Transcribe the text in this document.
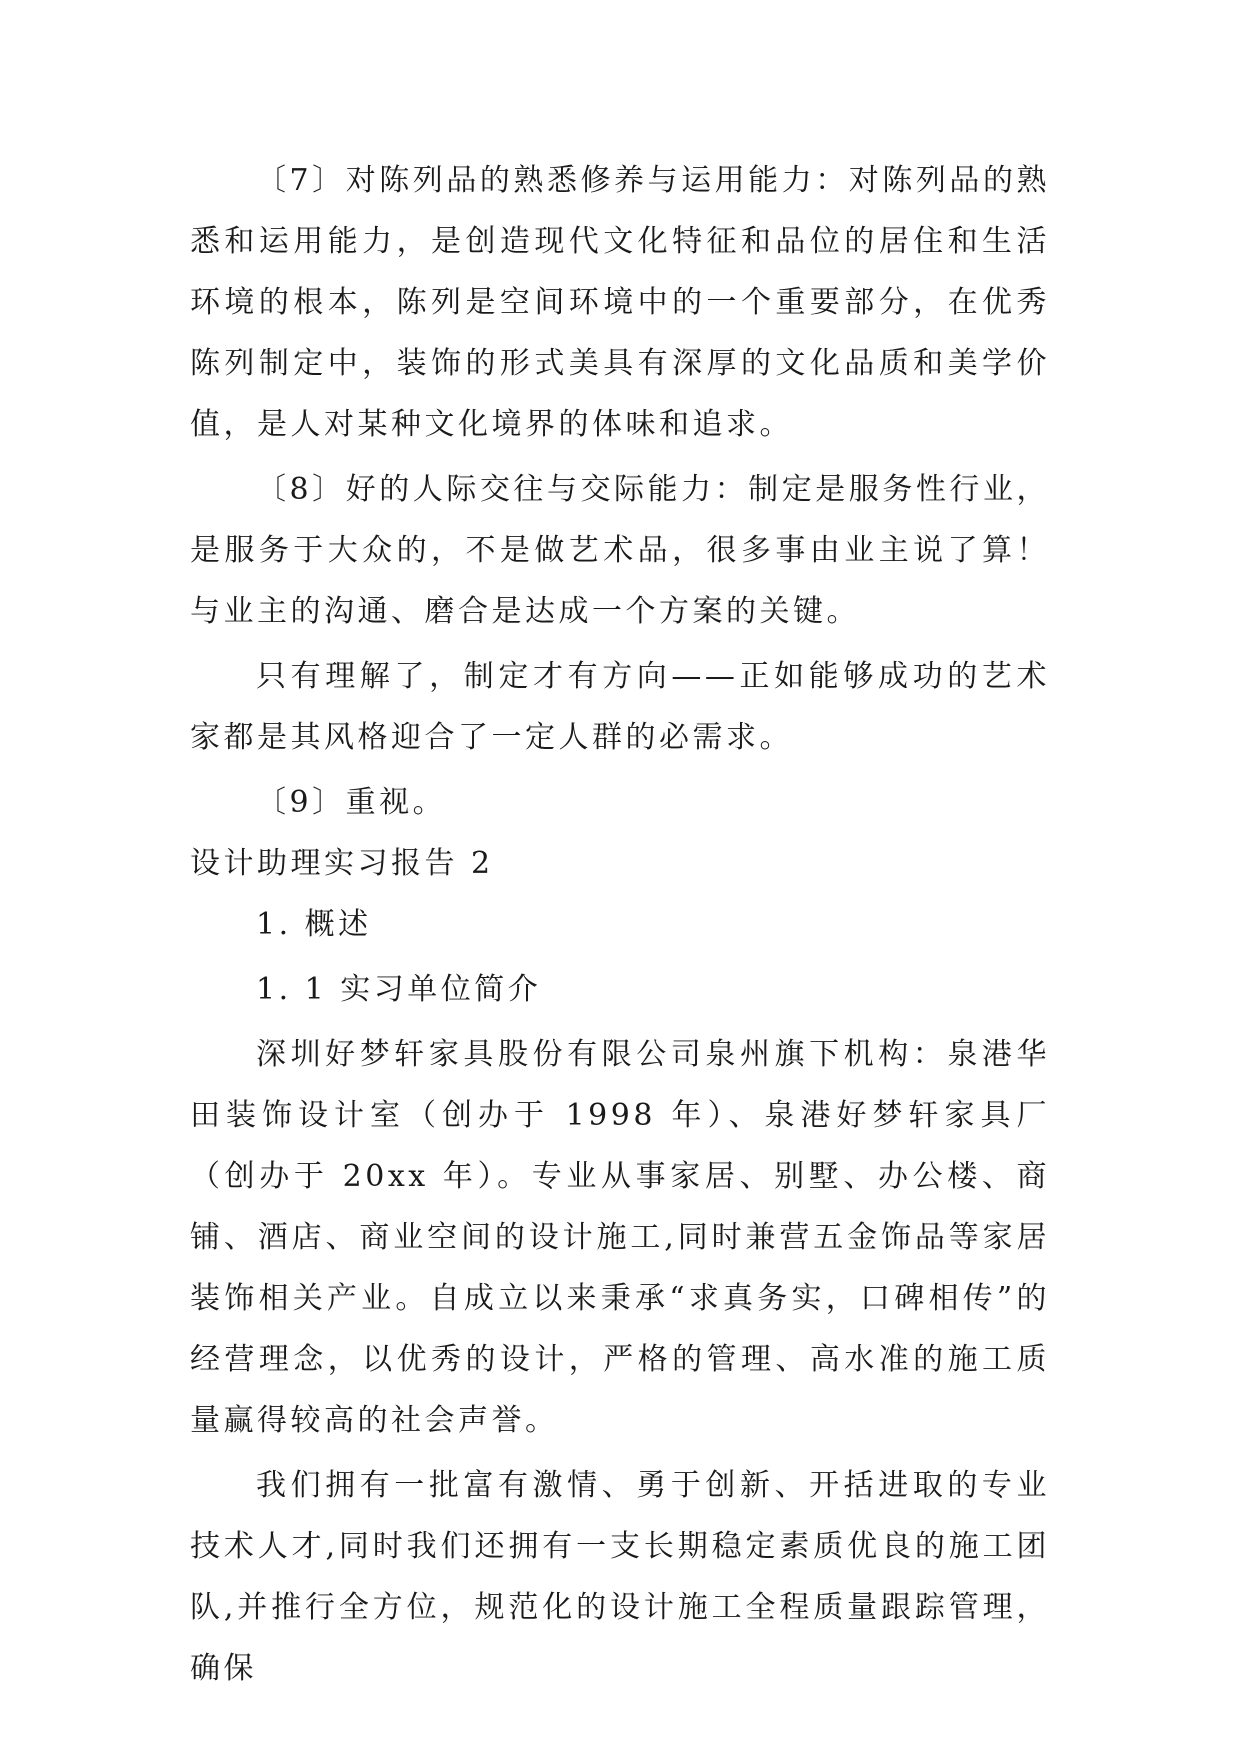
〔7〕对陈列品的熟悉修养与运用能力：对陈列品的熟悉和运用能力，是创造现代文化特征和品位的居住和生活环境的根本，陈列是空间环境中的一个重要部分，在优秀陈列制定中，装饰的形式美具有深厚的文化品质和美学价值，是人对某种文化境界的体味和追求。

〔8〕好的人际交往与交际能力：制定是服务性行业，是服务于大众的，不是做艺术品，很多事由业主说了算！与业主的沟通、磨合是达成一个方案的关键。

只有理解了，制定才有方向——正如能够成功的艺术家都是其风格迎合了一定人群的必需求。

〔9〕重视。

设计助理实习报告 2

1. 概述

1. 1 实习单位简介

深圳好梦轩家具股份有限公司泉州旗下机构：泉港华田装饰设计室（创办于 1998 年）、泉港好梦轩家具厂（创办于 20xx 年）。专业从事家居、别墅、办公楼、商铺、酒店、商业空间的设计施工,同时兼营五金饰品等家居装饰相关产业。自成立以来秉承“求真务实，口碑相传”的经营理念，以优秀的设计，严格的管理、高水准的施工质量赢得较高的社会声誉。

我们拥有一批富有激情、勇于创新、开括进取的专业技术人才,同时我们还拥有一支长期稳定素质优良的施工团队,并推行全方位，规范化的设计施工全程质量跟踪管理，确保
